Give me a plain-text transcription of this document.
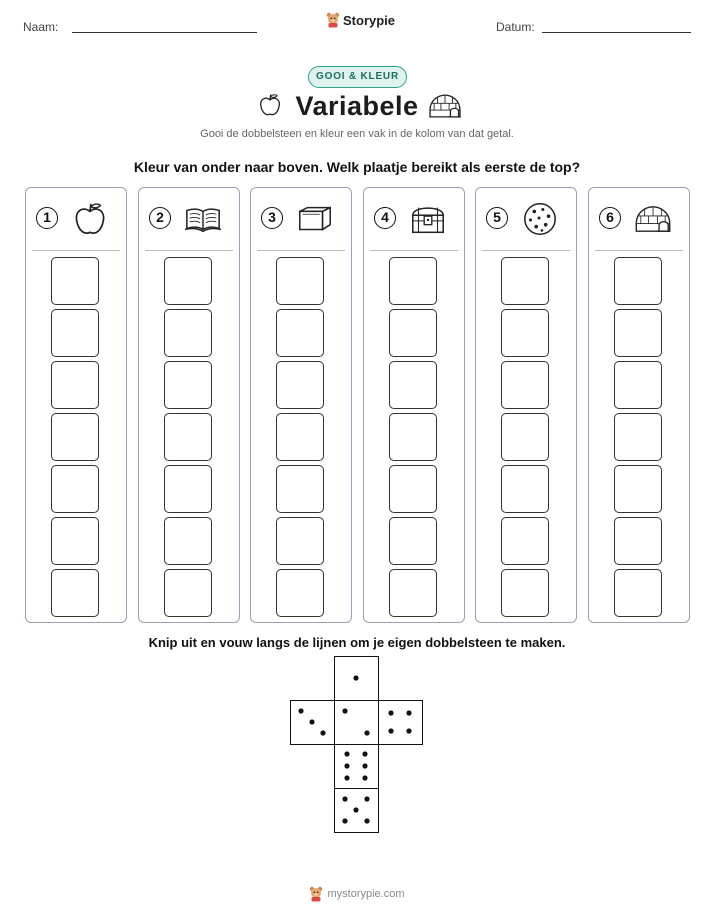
Naam:	Storypie	Datum:
GOOI & KLEUR
Variabele
Gooi de dobbelsteen en kleur een vak in de kolom van dat getal.
Kleur van onder naar boven. Welk plaatje bereikt als eerste de top?
1	2	3	4	5	6
Knip uit en vouw langs de lijnen om je eigen dobbelsteen te maken.
mystorypie.com
